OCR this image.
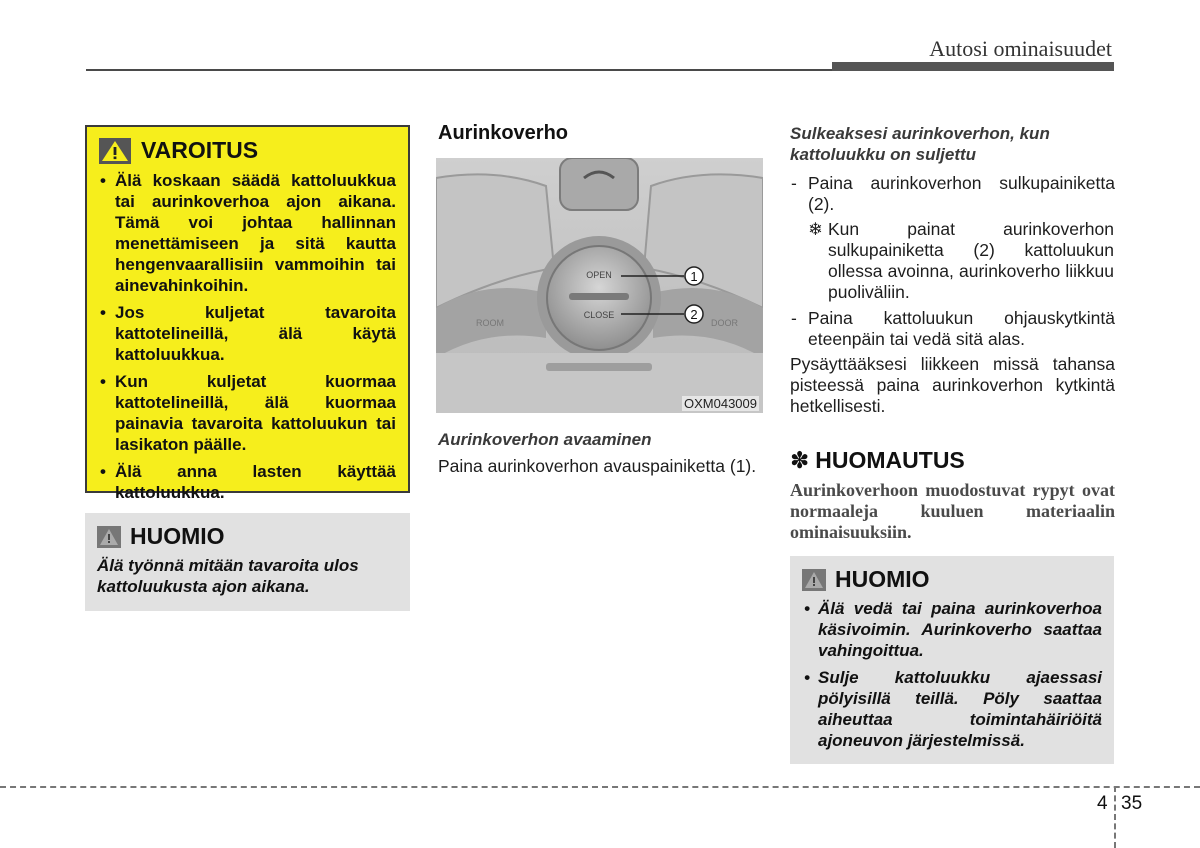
Autosi ominaisuudet
VAROITUS
• Älä koskaan säädä kattoluukkua tai aurinkoverhoa ajon aikana. Tämä voi johtaa hallinnan menettämiseen ja sitä kautta hengenvaarallisiin vammoihin tai ainevahinkoihin.
• Jos kuljetat tavaroita kattotelineillä, älä käytä kattoluukkua.
• Kun kuljetat kuormaa kattotelineillä, älä kuormaa painavia tavaroita kattoluukun tai lasikaton päälle.
• Älä anna lasten käyttää kattoluukkua.
HUOMIO
Älä työnnä mitään tavaroita ulos kattoluukusta ajon aikana.
Aurinkoverho
OPEN
CLOSE
ROOM	DOOR
1
2
OXM043009
Aurinkoverhon avaaminen
Paina aurinkoverhon avauspainiketta (1).
Sulkeaksesi aurinkoverhon, kun kattoluukku on suljettu
- Paina aurinkoverhon sulkupainiketta (2).
❄ Kun painat aurinkoverhon sulkupainiketta (2) kattoluukun ollessa avoinna, aurinkoverho liikkuu puoliväliin.
- Paina kattoluukun ohjauskytkintä eteenpäin tai vedä sitä alas.
Pysäyttääksesi liikkeen missä tahansa pisteessä paina aurinkoverhon kytkintä hetkellisesti.
✽ HUOMAUTUS
Aurinkoverhoon muodostuvat rypyt ovat normaaleja kuuluen materiaalin ominaisuuksiin.
HUOMIO
• Älä vedä tai paina aurinkoverhoa käsivoimin. Aurinkoverho saattaa vahingoittua.
• Sulje kattoluukku ajaessasi pölyisillä teillä. Pöly saattaa aiheuttaa toimintahäiriöitä ajoneuvon järjestelmissä.
4 35
